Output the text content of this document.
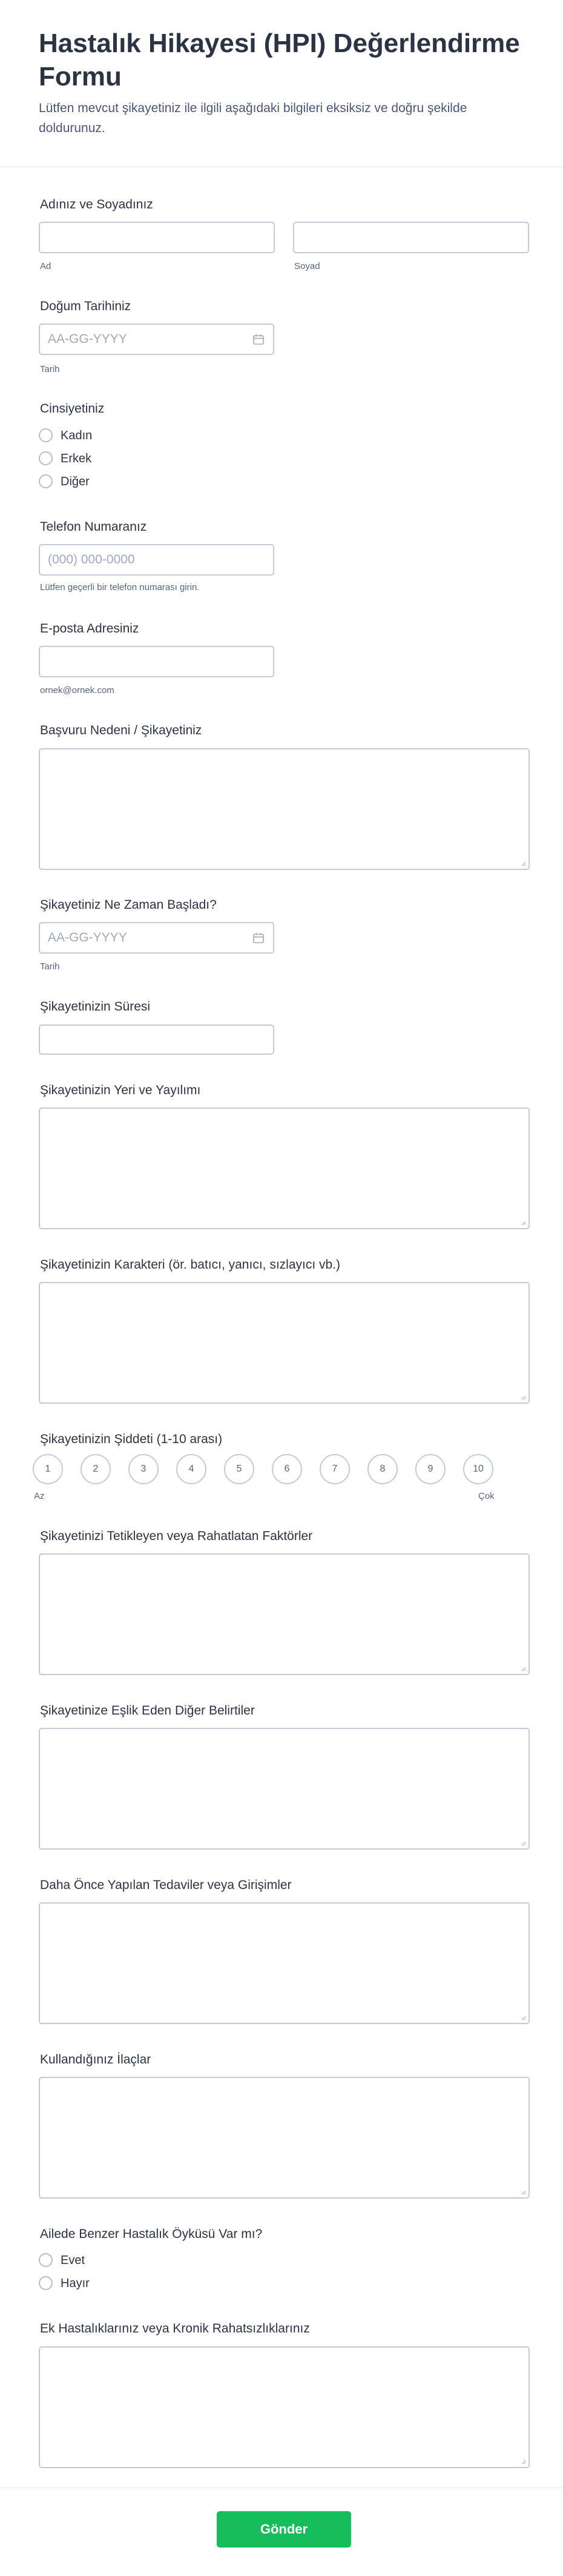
Hastalık Hikayesi (HPI) Değerlendirme Formu
Lütfen mevcut şikayetiniz ile ilgili aşağıdaki bilgileri eksiksiz ve doğru şekilde doldurunuz.
Adınız ve Soyadınız
Ad	Soyad
Doğum Tarihiniz
AA-GG-YYYY
Tarih
Cinsiyetiniz
Kadın
Erkek
Diğer
Telefon Numaranız
(000) 000-0000
Lütfen geçerli bir telefon numarası girin.
E-posta Adresiniz
ornek@ornek.com
Başvuru Nedeni / Şikayetiniz
Şikayetiniz Ne Zaman Başladı?
AA-GG-YYYY
Tarih
Şikayetinizin Süresi
Şikayetinizin Yeri ve Yayılımı
Şikayetinizin Karakteri (ör. batıcı, yanıcı, sızlayıcı vb.)
Şikayetinizin Şiddeti (1-10 arası)
1	2	3	4	5	6	7	8	9	10
Az	Çok
Şikayetinizi Tetikleyen veya Rahatlatan Faktörler
Şikayetinize Eşlik Eden Diğer Belirtiler
Daha Önce Yapılan Tedaviler veya Girişimler
Kullandığınız İlaçlar
Ailede Benzer Hastalık Öyküsü Var mı?
Evet
Hayır
Ek Hastalıklarınız veya Kronik Rahatsızlıklarınız
Gönder
